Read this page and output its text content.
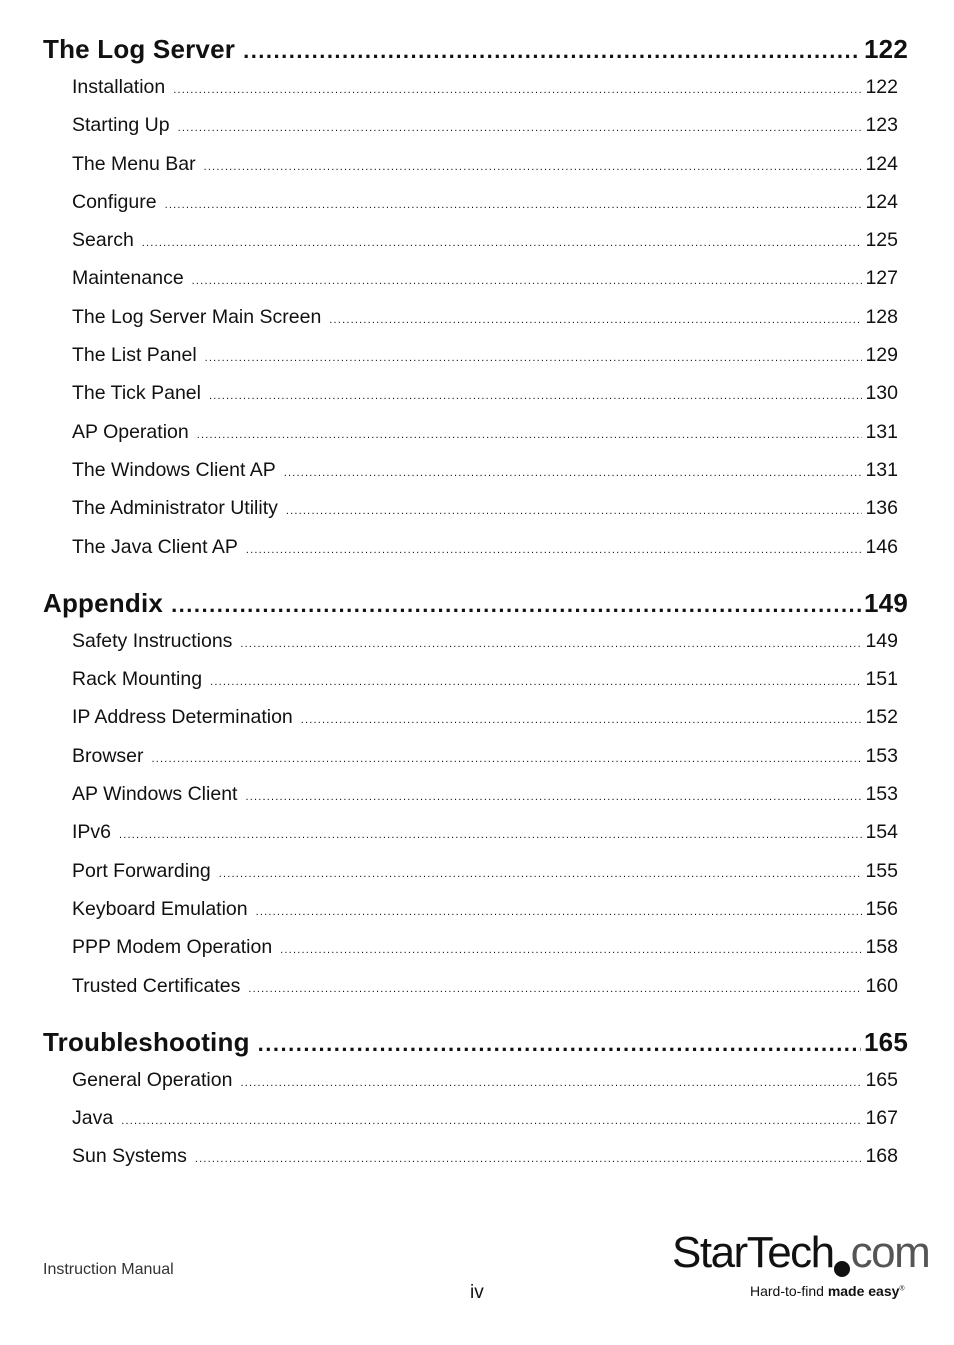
The Log Server .....	122
Installation .....	122
Starting Up .....	123
The Menu Bar .....	124
Configure .....	124
Search .....	125
Maintenance .....	127
The Log Server Main Screen .....	128
The List Panel .....	129
The Tick Panel .....	130
AP Operation .....	131
The Windows Client AP .....	131
The Administrator Utility .....	136
The Java Client AP .....	146
Appendix .....	149
Safety Instructions .....	149
Rack Mounting .....	151
IP Address Determination .....	152
Browser .....	153
AP Windows Client .....	153
IPv6 .....	154
Port Forwarding .....	155
Keyboard Emulation .....	156
PPP Modem Operation .....	158
Trusted Certificates .....	160
Troubleshooting .....	165
General Operation .....	165
Java .....	167
Sun Systems .....	168
Instruction Manual
iv
StarTech com
Hard-to-find made easy®
